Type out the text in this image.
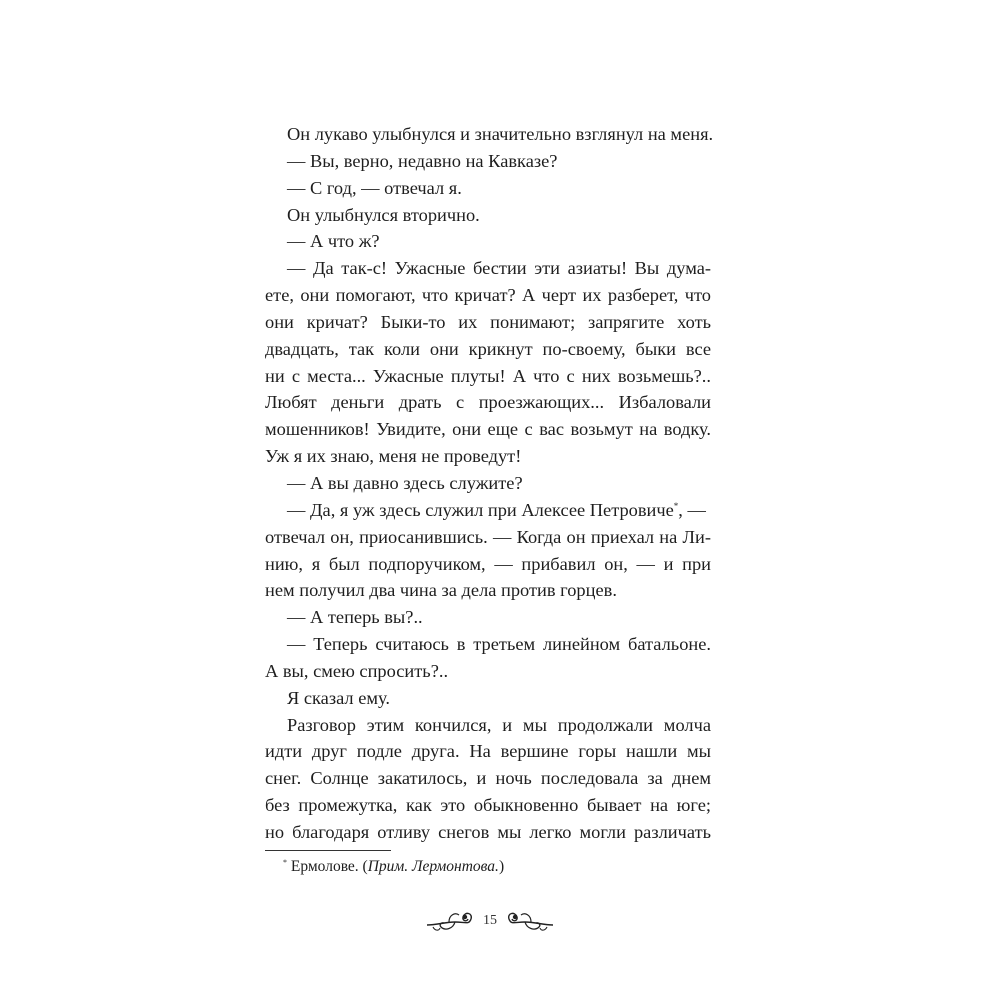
Он лукаво улыбнулся и значительно взглянул на меня.
— Вы, верно, недавно на Кавказе?
— С год, — отвечал я.
Он улыбнулся вторично.
— А что ж?
— Да так-с! Ужасные бестии эти азиаты! Вы дума-
ете, они помогают, что кричат? А черт их разберет, что
они кричат? Быки-то их понимают; запрягите хоть
двадцать, так коли они крикнут по-своему, быки все
ни с места... Ужасные плуты! А что с них возьмешь?..
Любят деньги драть с проезжающих... Избаловали
мошенников! Увидите, они еще с вас возьмут на водку.
Уж я их знаю, меня не проведут!
— А вы давно здесь служите?
— Да, я уж здесь служил при Алексее Петровиче*, —
отвечал он, приосанившись. — Когда он приехал на Ли-
нию, я был подпоручиком, — прибавил он, — и при
нем получил два чина за дела против горцев.
— А теперь вы?..
— Теперь считаюсь в третьем линейном батальоне.
А вы, смею спросить?..
Я сказал ему.
Разговор этим кончился, и мы продолжали молча
идти друг подле друга. На вершине горы нашли мы
снег. Солнце закатилось, и ночь последовала за днем
без промежутка, как это обыкновенно бывает на юге;
но благодаря отливу снегов мы легко могли различать
* Ермолове. (Прим. Лермонтова.)
15
